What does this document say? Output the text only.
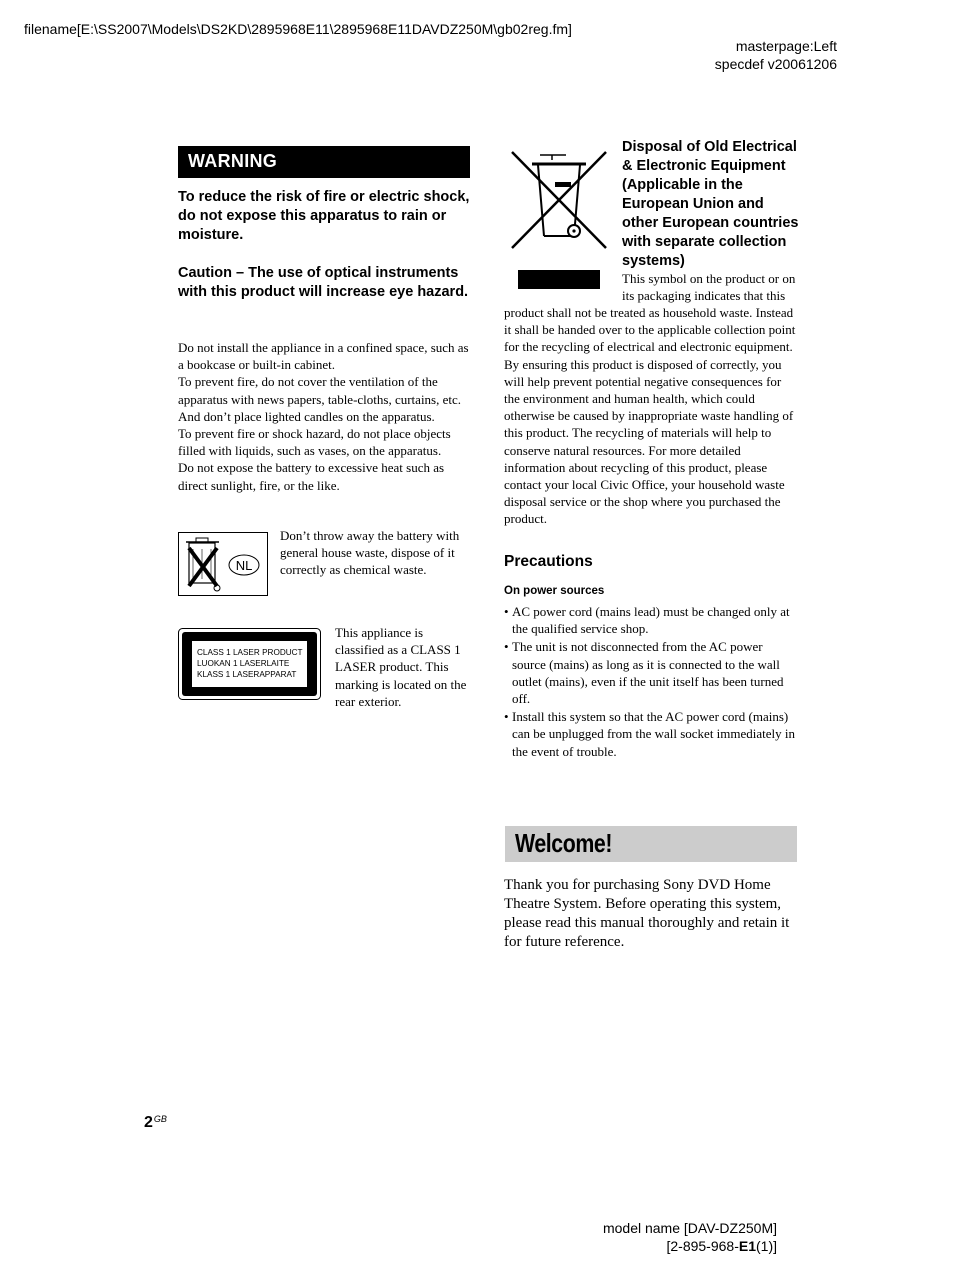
filename[E:\SS2007\Models\DS2KD\2895968E11\2895968E11DAVDZ250M\gb02reg.fm]
masterpage:Left
specdef v20061206
WARNING
To reduce the risk of fire or electric shock, do not expose this apparatus to rain or moisture.
Caution – The use of optical instruments with this product will increase eye hazard.

Do not install the appliance in a confined space, such as a bookcase or built-in cabinet.

To prevent fire, do not cover the ventilation of the apparatus with news papers, table-cloths, curtains, etc. And don’t place lighted candles on the apparatus.

To prevent fire or shock hazard, do not place objects filled with liquids, such as vases, on the apparatus.

Do not expose the battery to excessive heat such as direct sunlight, fire, or the like.

NL
Don’t throw away the battery with general house waste, dispose of it correctly as chemical waste.
CLASS 1 LASER PRODUCT
LUOKAN 1 LASERLAITE
KLASS 1 LASERAPPARAT
This appliance is classified as a CLASS 1 LASER product. This marking is located on the rear exterior.
Disposal of Old Electrical & Electronic Equipment (Applicable in the European Union and other European countries with separate collection systems)
This symbol on the product or on its packaging indicates that this
product shall not be treated as household waste. Instead it shall be handed over to the applicable collection point for the recycling of electrical and electronic equipment. By ensuring this product is disposed of correctly, you will help prevent potential negative consequences for the environment and human health, which could otherwise be caused by inappropriate waste handling of this product. The recycling of materials will help to conserve natural resources. For more detailed information about recycling of this product, please contact your local Civic Office, your household waste disposal service or the shop where you purchased the product.
Precautions
On power sources
• AC power cord (mains lead) must be changed only at the qualified service shop.
• The unit is not disconnected from the AC power source (mains) as long as it is connected to the wall outlet (mains), even if the unit itself has been turned off.
• Install this system so that the AC power cord (mains) can be unplugged from the wall socket immediately in the event of trouble.
Welcome!
Thank you for purchasing Sony DVD Home Theatre System. Before operating this system, please read this manual thoroughly and retain it for future reference.
$2^{GB}$
model name [DAV-DZ250M]
[2-895-968-E1(1)]
